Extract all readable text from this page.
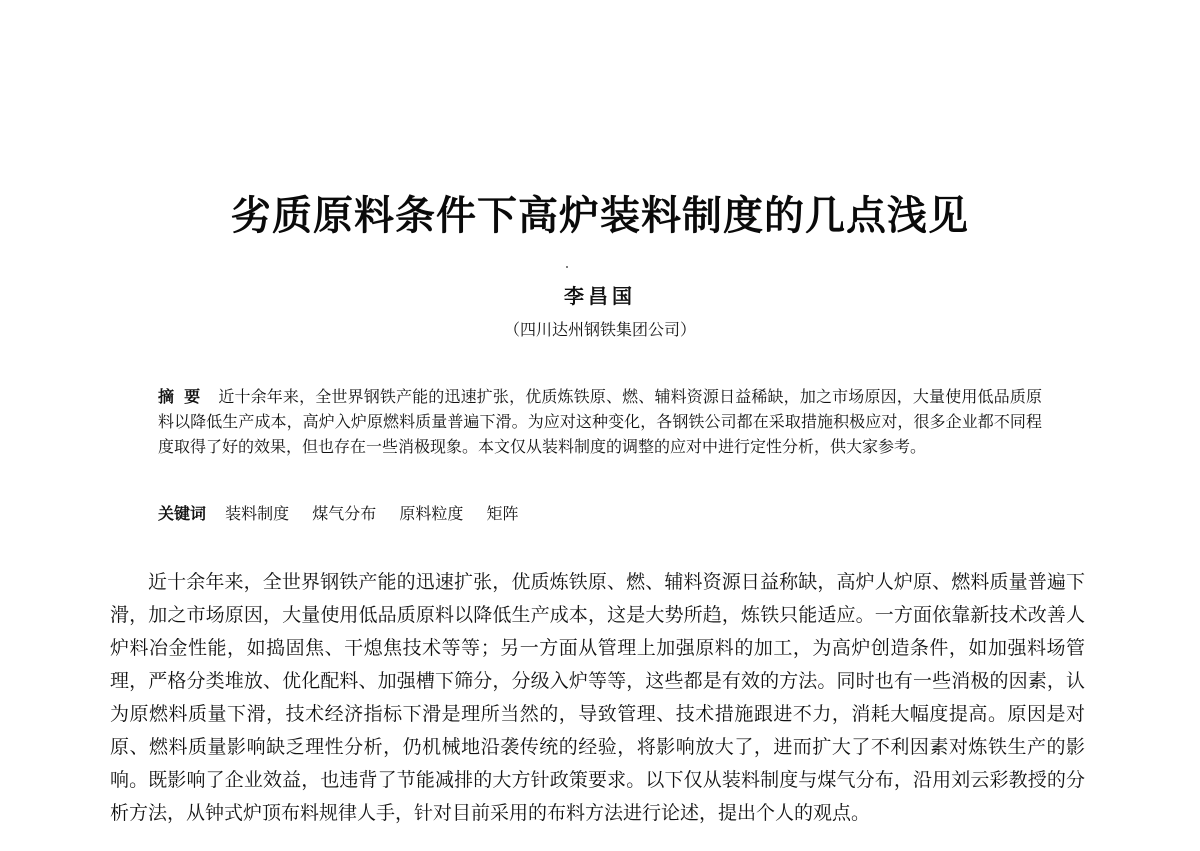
劣质原料条件下高炉装料制度的几点浅见
李昌国
（四川达州钢铁集团公司）
摘要 近十余年来，全世界钢铁产能的迅速扩张，优质炼铁原、燃、辅料资源日益稀缺，加之市场原因，大量使用低品质原料以降低生产成本，高炉入炉原燃料质量普遍下滑。为应对这种变化，各钢铁公司都在采取措施积极应对，很多企业都不同程度取得了好的效果，但也存在一些消极现象。本文仅从装料制度的调整的应对中进行定性分析，供大家参考。
关键词 装料制度 煤气分布 原料粒度 矩阵
近十余年来，全世界钢铁产能的迅速扩张，优质炼铁原、燃、辅料资源日益称缺，高炉人炉原、燃料质量普遍下滑，加之市场原因，大量使用低品质原料以降低生产成本，这是大势所趋，炼铁只能适应。一方面依靠新技术改善人炉料冶金性能，如捣固焦、干熄焦技术等等；另一方面从管理上加强原料的加工，为高炉创造条件，如加强料场管理，严格分类堆放、优化配料、加强槽下筛分，分级入炉等等，这些都是有效的方法。同时也有一些消极的因素，认为原燃料质量下滑，技术经济指标下滑是理所当然的，导致管理、技术措施跟进不力，消耗大幅度提高。原因是对原、燃料质量影响缺乏理性分析，仍机械地沿袭传统的经验，将影响放大了，进而扩大了不利因素对炼铁生产的影响。既影响了企业效益，也违背了节能减排的大方针政策要求。以下仅从装料制度与煤气分布，沿用刘云彩教授的分析方法，从钟式炉顶布料规律人手，针对目前采用的布料方法进行论述，提出个人的观点。
